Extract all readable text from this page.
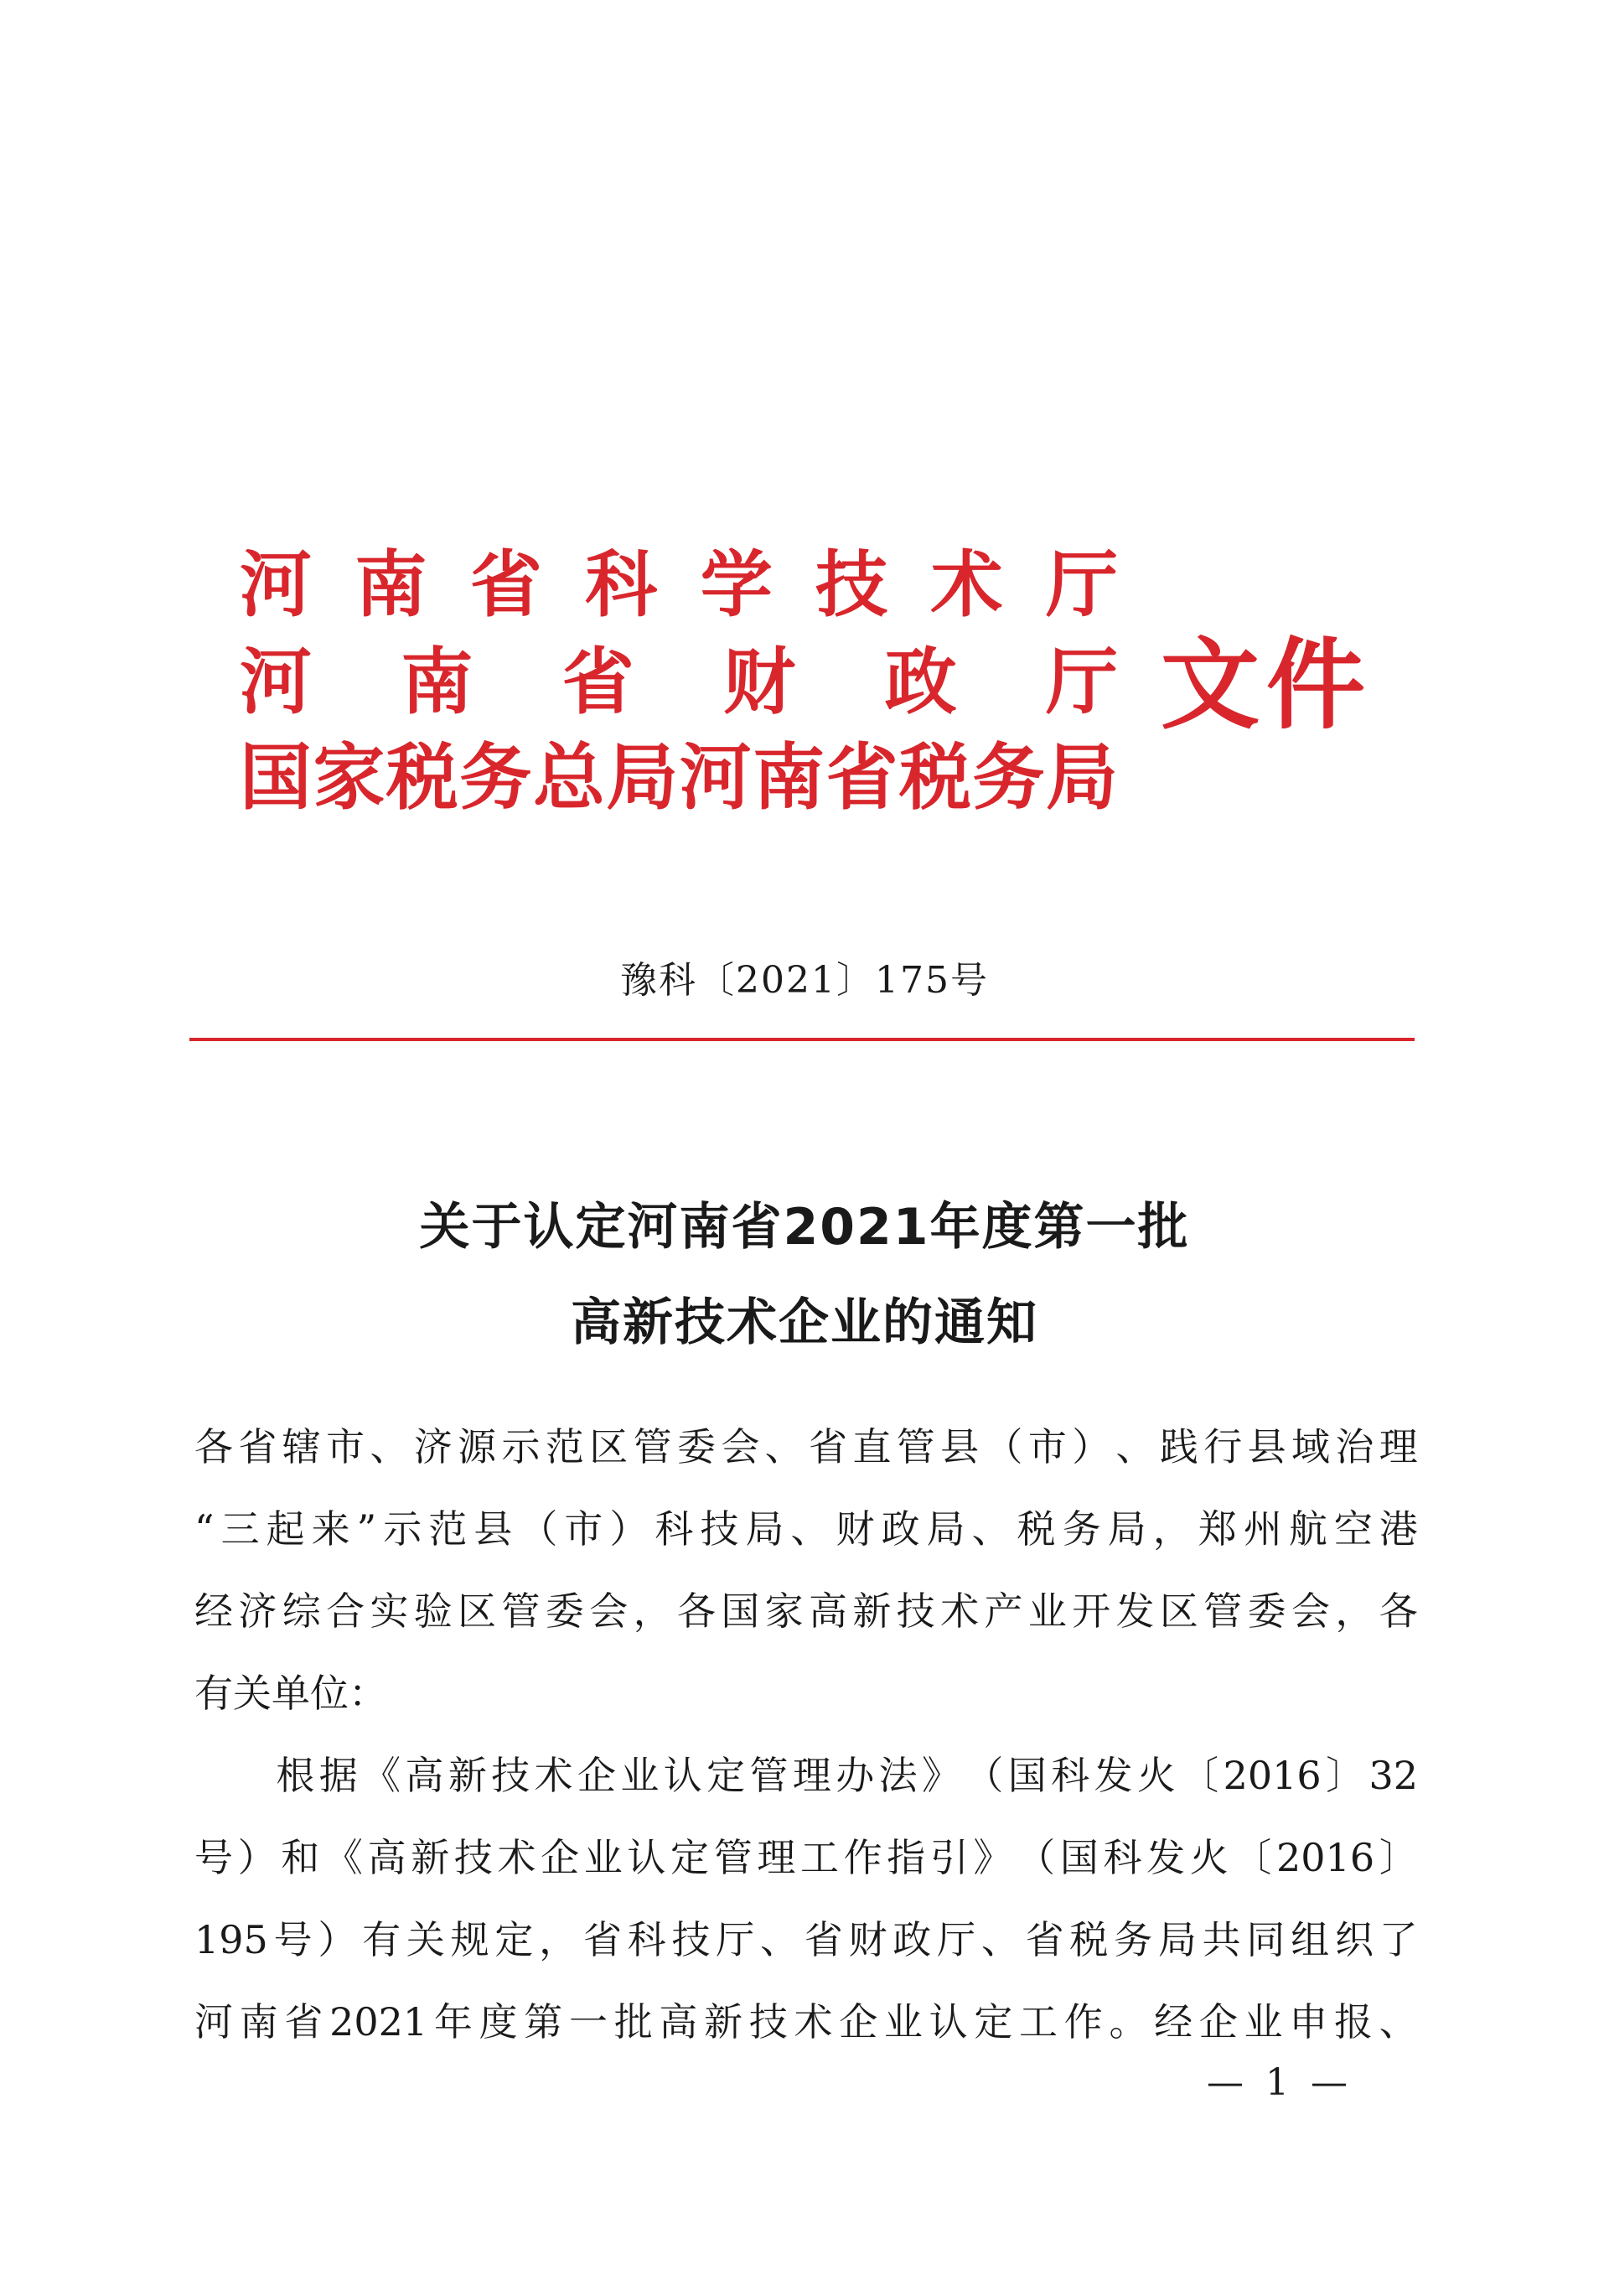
河 南 省 科 学 技 术 厅
河 南 省 财 政 厅
国 家 税 务 总 局 河 南 省 税 务 局
文件
豫科〔2021〕175号
关于认定河南省2021年度第一批
高新技术企业的通知
各 省 辖 市 、 济 源 示 范 区 管 委 会 、 省 直 管 县 （ 市 ） 、 践 行 县 域 治 理
“ 三 起 来 ” 示 范 县 （ 市 ） 科 技 局 、 财 政 局 、 税 务 局 ， 郑 州 航 空 港
经 济 综 合 实 验 区 管 委 会 ， 各 国 家 高 新 技 术 产 业 开 发 区 管 委 会 ， 各
有 关 单 位 ：

根 据 《 高 新 技 术 企 业 认 定 管 理 办 法 》 （ 国 科 发 火 〔 2016 〕 32
号 ） 和 《 高 新 技 术 企 业 认 定 管 理 工 作 指 引 》 （ 国 科 发 火 〔 2016 〕
195 号 ） 有 关 规 定 ， 省 科 技 厅 、 省 财 政 厅 、 省 税 务 局 共 同 组 织 了
河 南 省 2021 年 度 第 一 批 高 新 技 术 企 业 认 定 工 作 。 经 企 业 申 报 、
— 1 —
